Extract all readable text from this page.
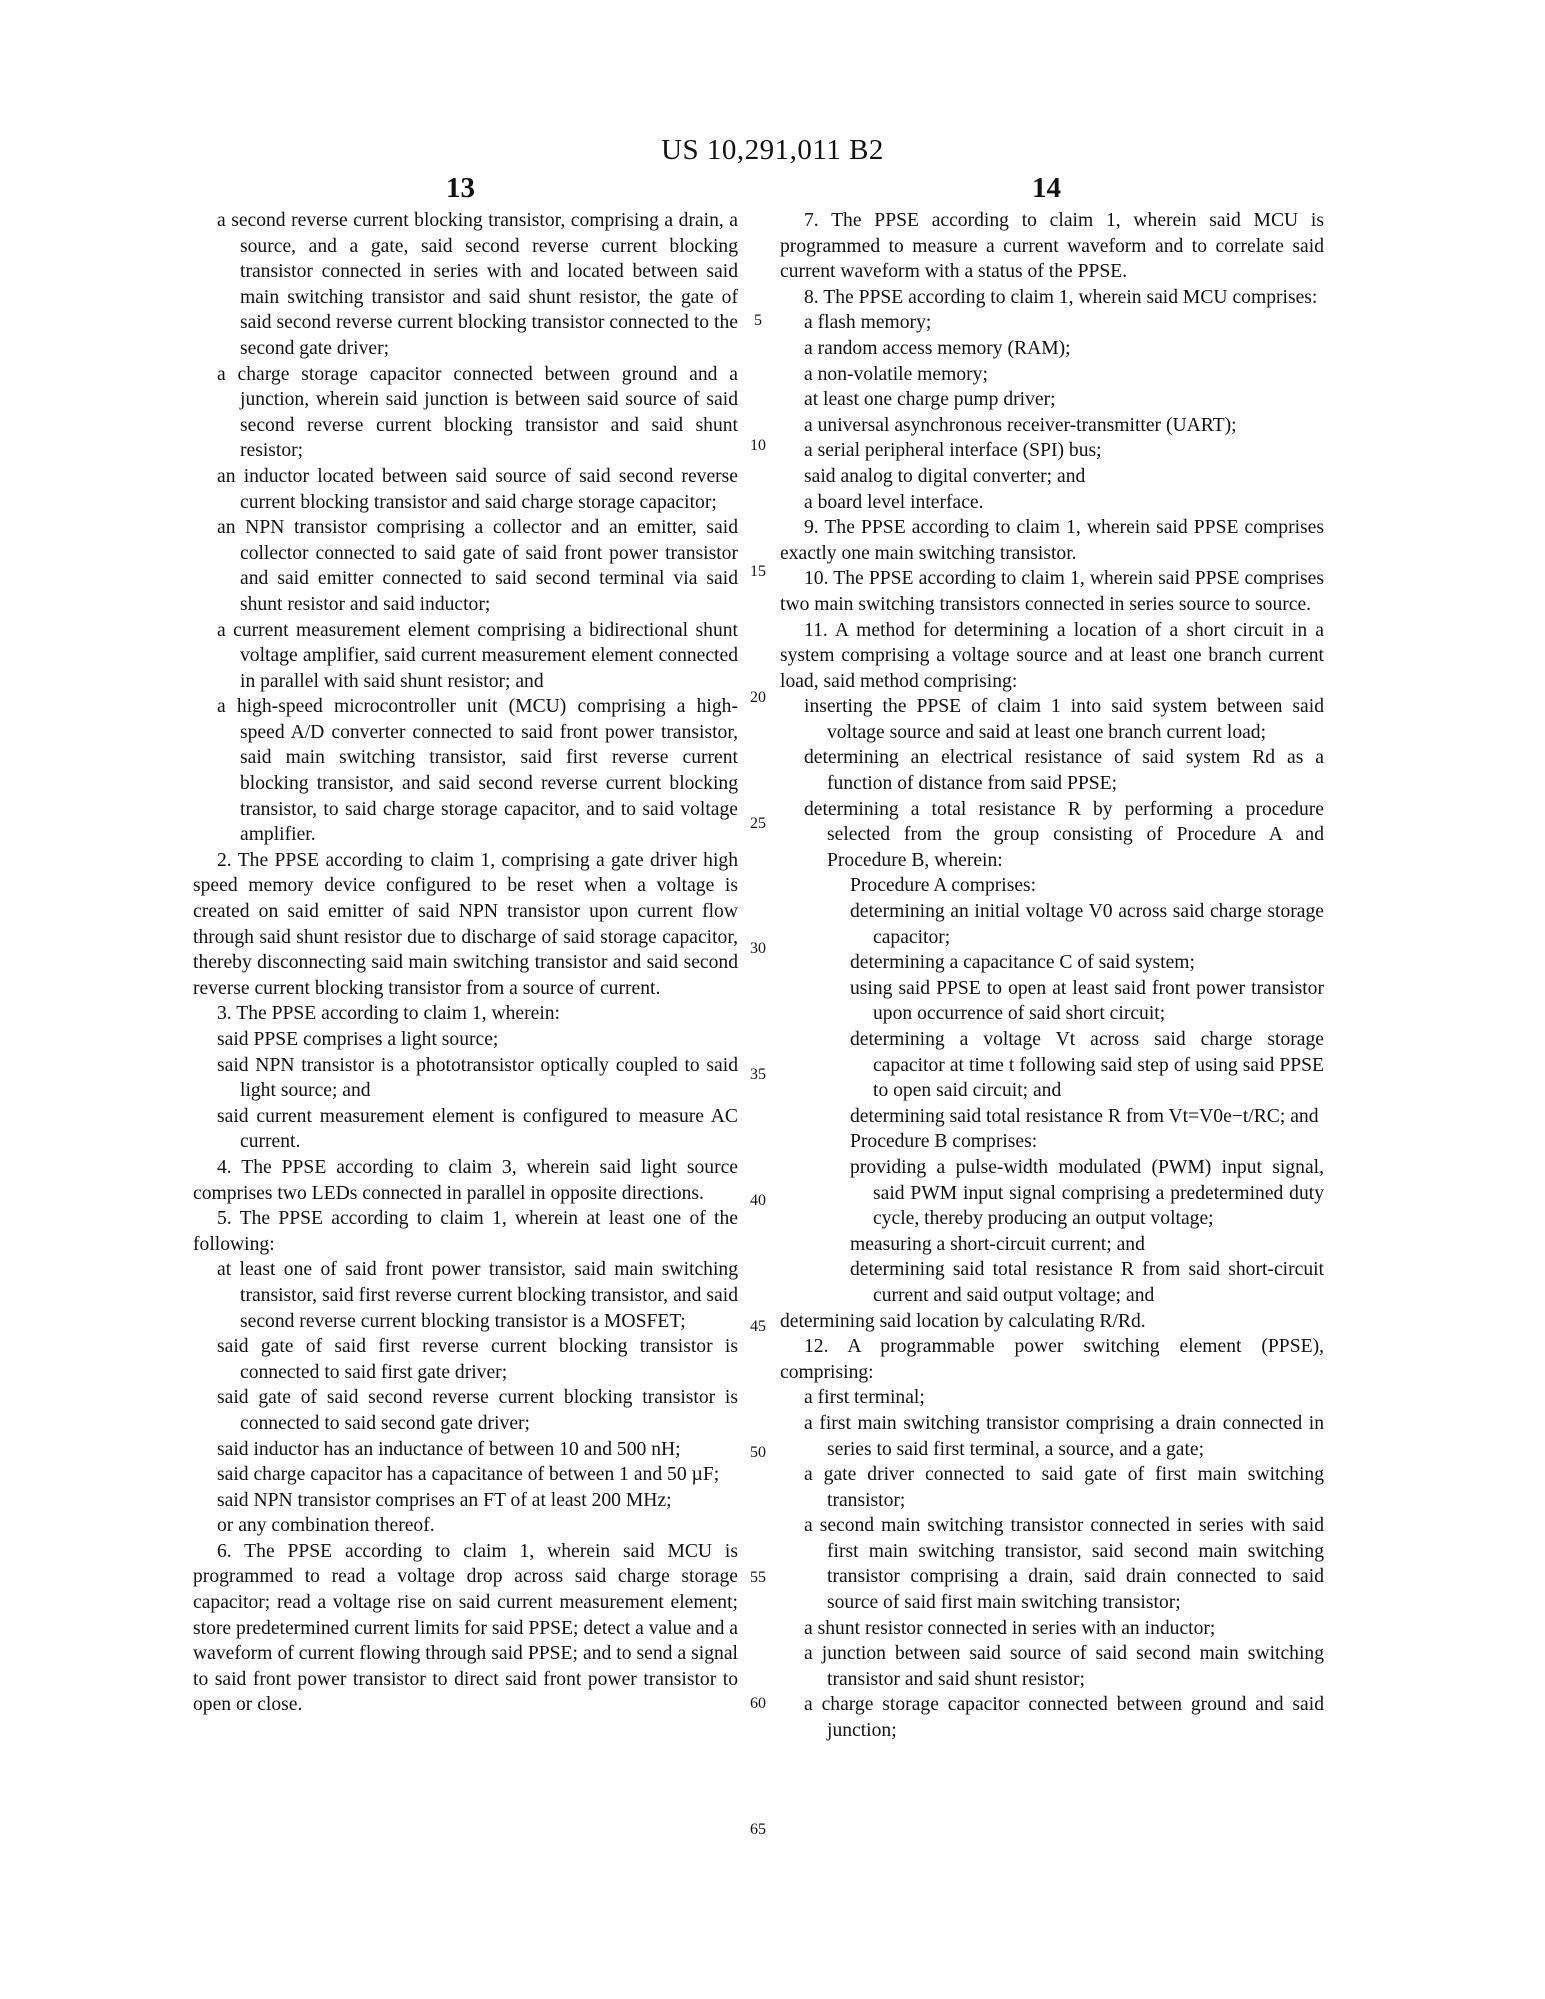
US 10,291,011 B2
13	14
5
10
15
20
25
30
35
40
45
50
55
60
65

a second reverse current blocking transistor, comprising a drain, a source, and a gate, said second reverse current blocking transistor connected in series with and located between said main switching transistor and said shunt resistor, the gate of said second reverse current blocking transistor connected to the second gate driver;

a charge storage capacitor connected between ground and a junction, wherein said junction is between said source of said second reverse current blocking transistor and said shunt resistor;

an inductor located between said source of said second reverse current blocking transistor and said charge storage capacitor;

an NPN transistor comprising a collector and an emitter, said collector connected to said gate of said front power transistor and said emitter connected to said second terminal via said shunt resistor and said inductor;

a current measurement element comprising a bidirectional shunt voltage amplifier, said current measurement element connected in parallel with said shunt resistor; and

a high-speed microcontroller unit (MCU) comprising a high-speed A/D converter connected to said front power transistor, said main switching transistor, said first reverse current blocking transistor, and said second reverse current blocking transistor, to said charge storage capacitor, and to said voltage amplifier.

2. The PPSE according to claim 1, comprising a gate driver high speed memory device configured to be reset when a voltage is created on said emitter of said NPN transistor upon current flow through said shunt resistor due to discharge of said storage capacitor, thereby disconnecting said main switching transistor and said second reverse current blocking transistor from a source of current.

3. The PPSE according to claim 1, wherein:

said PPSE comprises a light source;

said NPN transistor is a phototransistor optically coupled to said light source; and

said current measurement element is configured to measure AC current.

4. The PPSE according to claim 3, wherein said light source comprises two LEDs connected in parallel in opposite directions.

5. The PPSE according to claim 1, wherein at least one of the following:

at least one of said front power transistor, said main switching transistor, said first reverse current blocking transistor, and said second reverse current blocking transistor is a MOSFET;

said gate of said first reverse current blocking transistor is connected to said first gate driver;

said gate of said second reverse current blocking transistor is connected to said second gate driver;

said inductor has an inductance of between 10 and 500 nH;

said charge capacitor has a capacitance of between 1 and 50 µF;

said NPN transistor comprises an FT of at least 200 MHz;

or any combination thereof.

6. The PPSE according to claim 1, wherein said MCU is programmed to read a voltage drop across said charge storage capacitor; read a voltage rise on said current measurement element; store predetermined current limits for said PPSE; detect a value and a waveform of current flowing through said PPSE; and to send a signal to said front power transistor to direct said front power transistor to open or close.

7. The PPSE according to claim 1, wherein said MCU is programmed to measure a current waveform and to correlate said current waveform with a status of the PPSE.

8. The PPSE according to claim 1, wherein said MCU comprises:

a flash memory;

a random access memory (RAM);

a non-volatile memory;

at least one charge pump driver;

a universal asynchronous receiver-transmitter (UART);

a serial peripheral interface (SPI) bus;

said analog to digital converter; and

a board level interface.

9. The PPSE according to claim 1, wherein said PPSE comprises exactly one main switching transistor.

10. The PPSE according to claim 1, wherein said PPSE comprises two main switching transistors connected in series source to source.

11. A method for determining a location of a short circuit in a system comprising a voltage source and at least one branch current load, said method comprising:

inserting the PPSE of claim 1 into said system between said voltage source and said at least one branch current load;

determining an electrical resistance of said system Rd as a function of distance from said PPSE;

determining a total resistance R by performing a procedure selected from the group consisting of Procedure A and Procedure B, wherein:

Procedure A comprises:

determining an initial voltage V0 across said charge storage capacitor;

determining a capacitance C of said system;

using said PPSE to open at least said front power transistor upon occurrence of said short circuit;

determining a voltage Vt across said charge storage capacitor at time t following said step of using said PPSE to open said circuit; and

determining said total resistance R from Vt=V0e−t/RC; and

Procedure B comprises:

providing a pulse-width modulated (PWM) input signal, said PWM input signal comprising a predetermined duty cycle, thereby producing an output voltage;

measuring a short-circuit current; and

determining said total resistance R from said short-circuit current and said output voltage; and

determining said location by calculating R/Rd.

12. A programmable power switching element (PPSE), comprising:

a first terminal;

a first main switching transistor comprising a drain connected in series to said first terminal, a source, and a gate;

a gate driver connected to said gate of first main switching transistor;

a second main switching transistor connected in series with said first main switching transistor, said second main switching transistor comprising a drain, said drain connected to said source of said first main switching transistor;

a shunt resistor connected in series with an inductor;

a junction between said source of said second main switching transistor and said shunt resistor;

a charge storage capacitor connected between ground and said junction;
